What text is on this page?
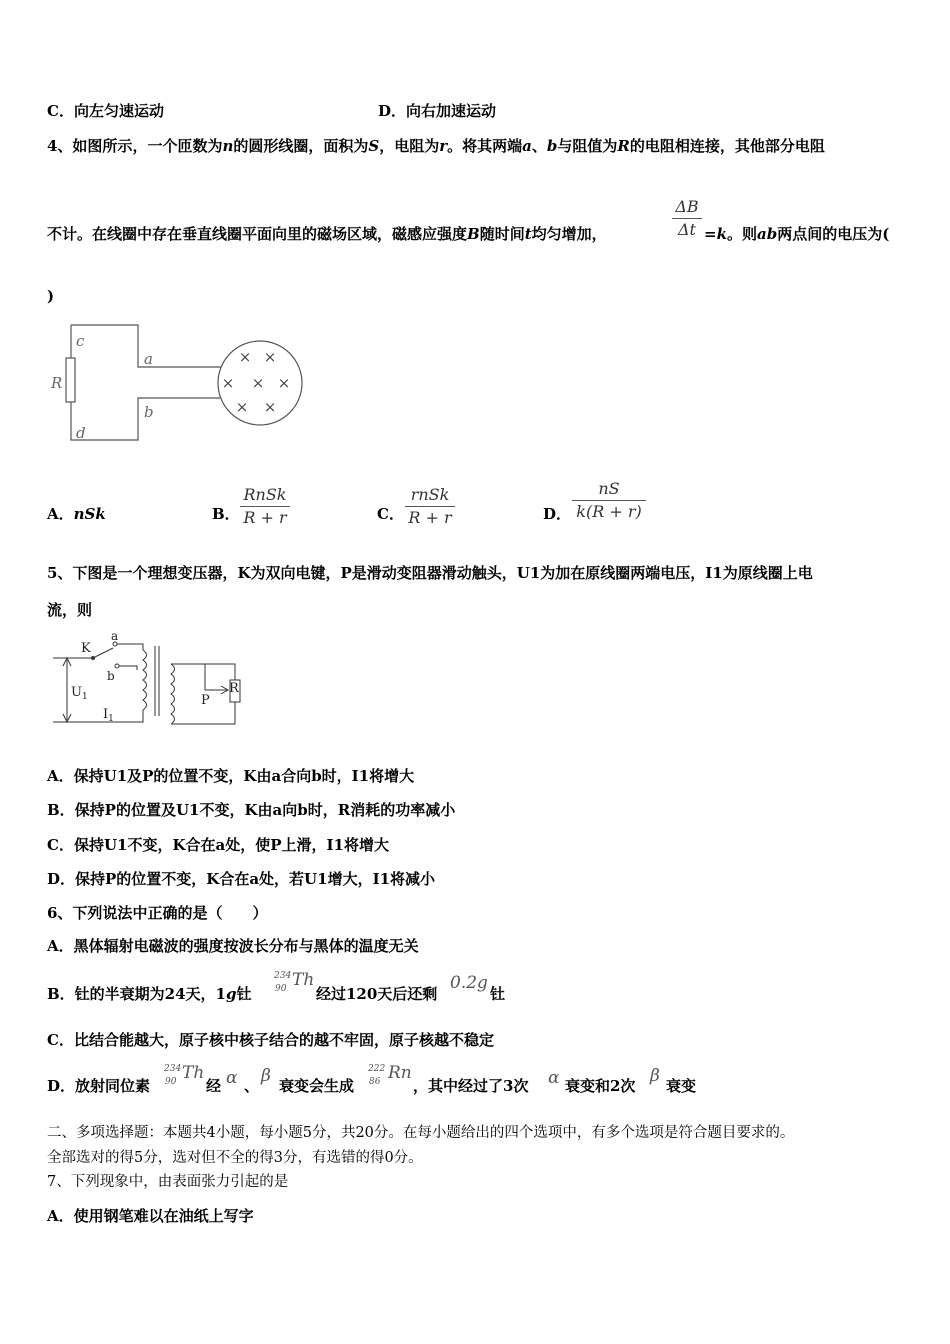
C．向左匀速运动	D．向右加速运动
4、如图所示，一个匝数为n的圆形线圈，面积为S，电阻为r。将其两端a、b与阻值为R的电阻相连接，其他部分电阻
不计。在线圈中存在垂直线圈平面向里的磁场区域，磁感应强度B随时间t均匀增加，
ΔB
Δt =k。则ab两点间的电压为(
)
c
a
R
b
d
× ×
× × ×
× ×
A．nSk	B．
RnSk
R + r	C．
rnSk
R + r	D．
nS
k(R + r)
5、下图是一个理想变压器，K为双向电键，P是滑动变阻器滑动触头，U1为加在原线圈两端电压，I1为原线圈上电
流，则
K
a
b
$U_1$
$I_1$
P
R
A．保持U1及P的位置不变，K由a合向b时，I1将增大
B．保持P的位置及U1不变，K由a向b时，R消耗的功率减小
C．保持U1不变，K合在a处，使P上滑，I1将增大
D．保持P的位置不变，K合在a处，若U1增大，I1将减小
6、下列说法中正确的是（　　）
A．黑体辐射电磁波的强度按波长分布与黑体的温度无关
B．钍的半衰期为24天，1g钍
234
90 Th
经过120天后还剩
0.2g
钍
C．比结合能越大，原子核中核子结合的越不牢固，原子核越不稳定
D．放射同位素
234
90 Th
经 α 、 β 衰变会生成
222
86 Rn
，其中经过了3次 α 衰变和2次 β 衰变
二、多项选择题：本题共4小题，每小题5分，共20分。在每小题给出的四个选项中，有多个选项是符合题目要求的。
全部选对的得5分，选对但不全的得3分，有选错的得0分。
7、下列现象中，由表面张力引起的是
A．使用钢笔难以在油纸上写字
